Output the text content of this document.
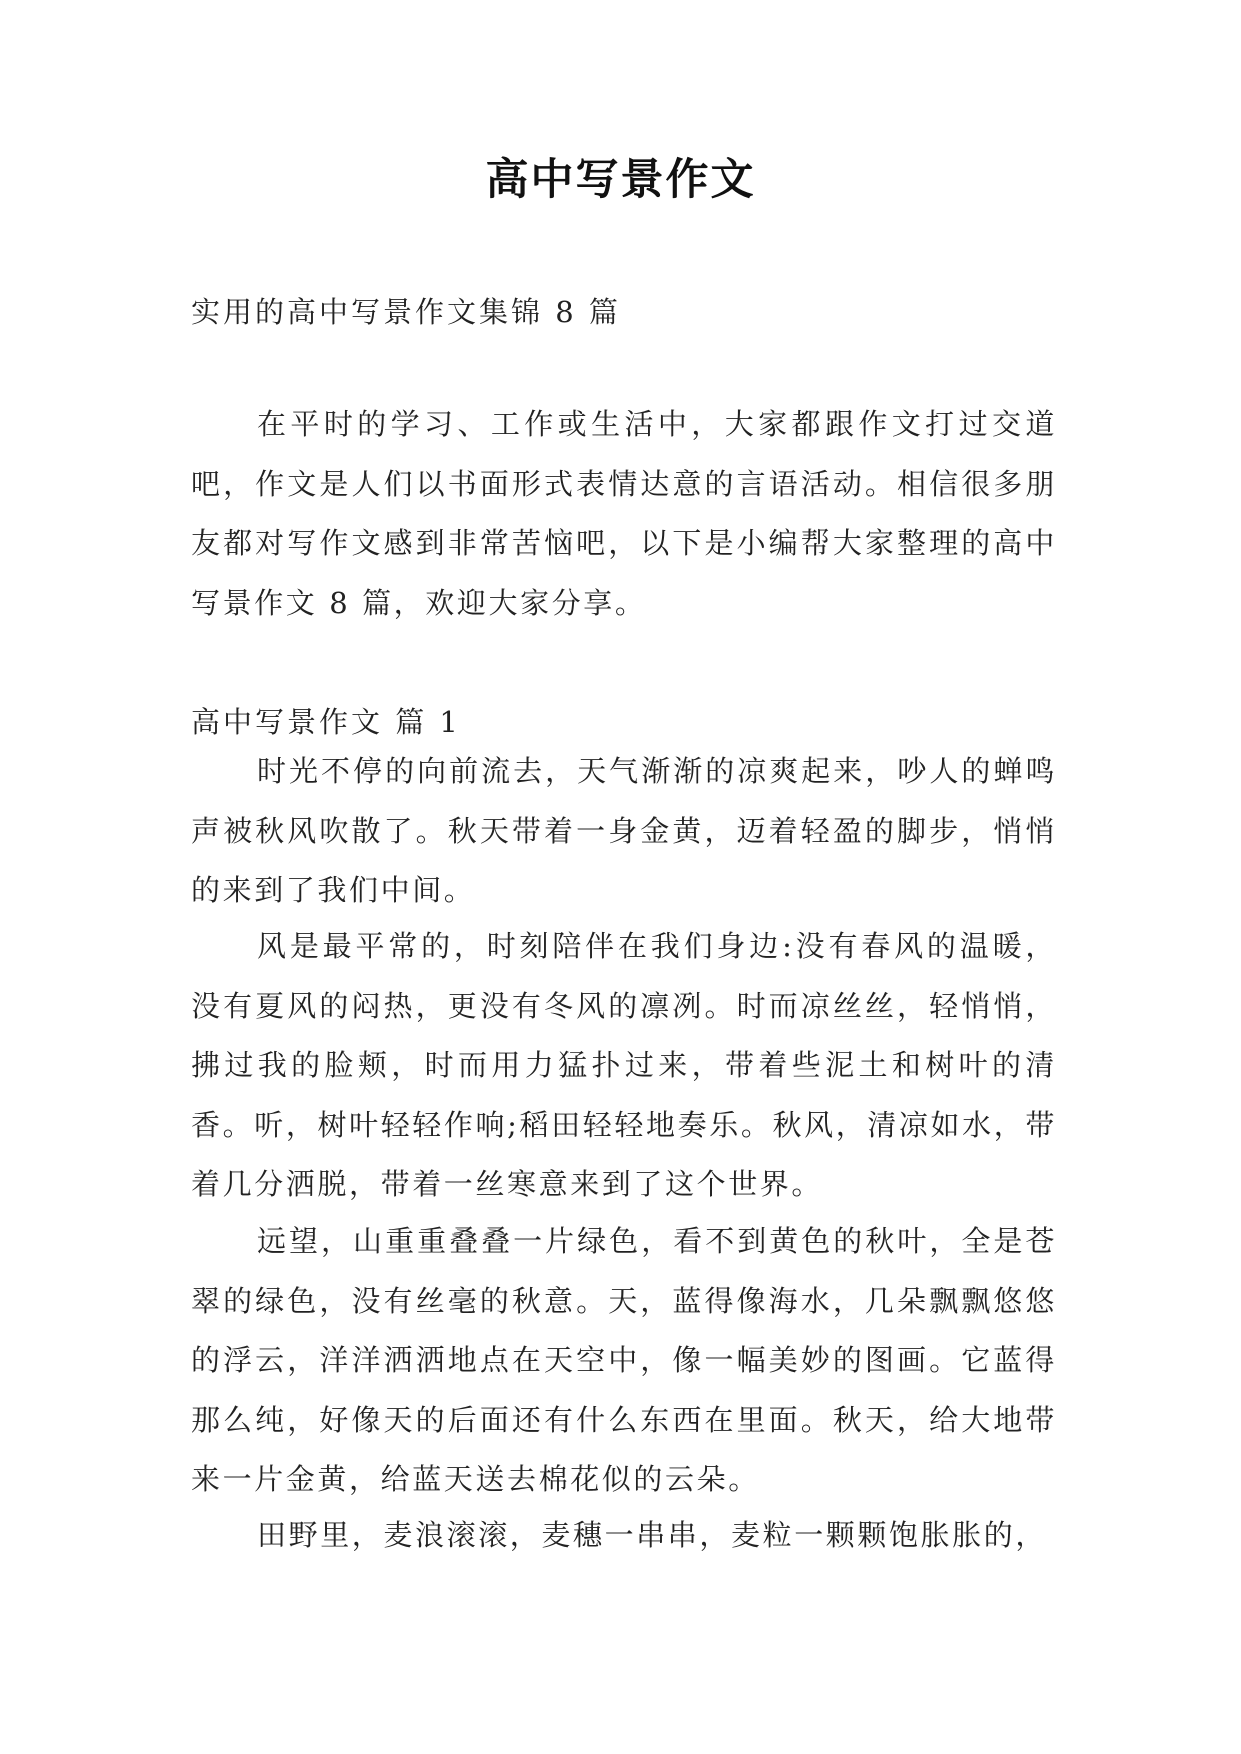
高中写景作文
实用的高中写景作文集锦 8 篇

在平时的学习、工作或生活中，大家都跟作文打过交道吧，作文是人们以书面形式表情达意的言语活动。相信很多朋友都对写作文感到非常苦恼吧，以下是小编帮大家整理的高中写景作文 8 篇，欢迎大家分享。

高中写景作文 篇 1

时光不停的向前流去，天气渐渐的凉爽起来，吵人的蝉鸣声被秋风吹散了。秋天带着一身金黄，迈着轻盈的脚步，悄悄的来到了我们中间。

风是最平常的，时刻陪伴在我们身边:没有春风的温暖，没有夏风的闷热，更没有冬风的凛冽。时而凉丝丝，轻悄悄，拂过我的脸颊，时而用力猛扑过来，带着些泥土和树叶的清香。听，树叶轻轻作响;稻田轻轻地奏乐。秋风，清凉如水，带着几分洒脱，带着一丝寒意来到了这个世界。

远望，山重重叠叠一片绿色，看不到黄色的秋叶，全是苍翠的绿色，没有丝毫的秋意。天，蓝得像海水，几朵飘飘悠悠的浮云，洋洋洒洒地点在天空中，像一幅美妙的图画。它蓝得那么纯，好像天的后面还有什么东西在里面。秋天，给大地带来一片金黄，给蓝天送去棉花似的云朵。

田野里，麦浪滚滚，麦穗一串串，麦粒一颗颗饱胀胀的，
